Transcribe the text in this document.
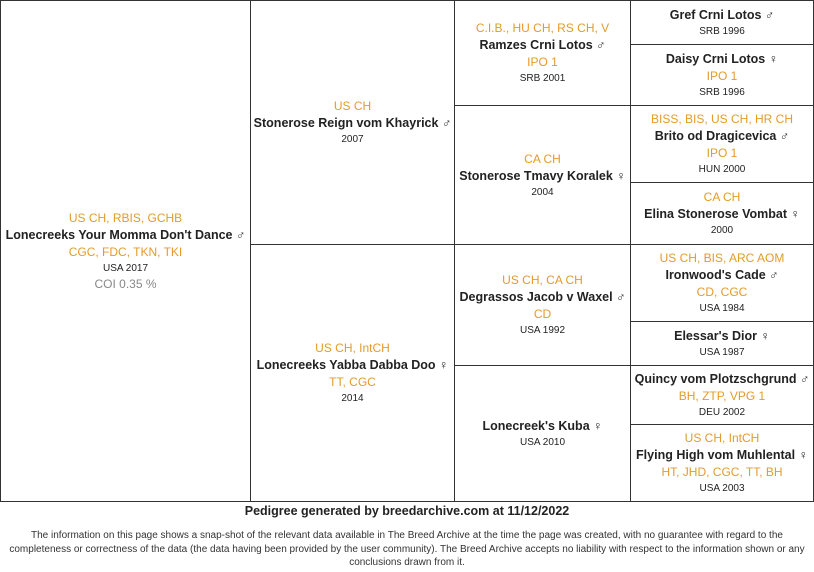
US CH, RBIS, GCHB
Lonecreeks Your Momma Don't Dance ♂
CGC, FDC, TKN, TKI
USA 2017
COI 0.35 %
US CH
Stonerose Reign vom Khayrick ♂
2007
US CH, IntCH
Lonecreeks Yabba Dabba Doo ♀
TT, CGC
2014
C.I.B., HU CH, RS CH, V
Ramzes Crni Lotos ♂
IPO 1
SRB 2001
CA CH
Stonerose Tmavy Koralek ♀
2004
US CH, CA CH
Degrassos Jacob v Waxel ♂
CD
USA 1992
Lonecreek's Kuba ♀
USA 2010
Gref Crni Lotos ♂
SRB 1996
Daisy Crni Lotos ♀
IPO 1
SRB 1996
BISS, BIS, US CH, HR CH
Brito od Dragicevica ♂
IPO 1
HUN 2000
CA CH
Elina Stonerose Vombat ♀
2000
US CH, BIS, ARC AOM
Ironwood's Cade ♂
CD, CGC
USA 1984
Elessar's Dior ♀
USA 1987
Quincy vom Plotzschgrund ♂
BH, ZTP, VPG 1
DEU 2002
US CH, IntCH
Flying High vom Muhlental ♀
HT, JHD, CGC, TT, BH
USA 2003
Pedigree generated by breedarchive.com at 11/12/2022
The information on this page shows a snap-shot of the relevant data available in The Breed Archive at the time the page was created, with no guarantee with regard to the completeness or correctness of the data (the data having been provided by the user community). The Breed Archive accepts no liability with respect to the information shown or any conclusions drawn from it.
